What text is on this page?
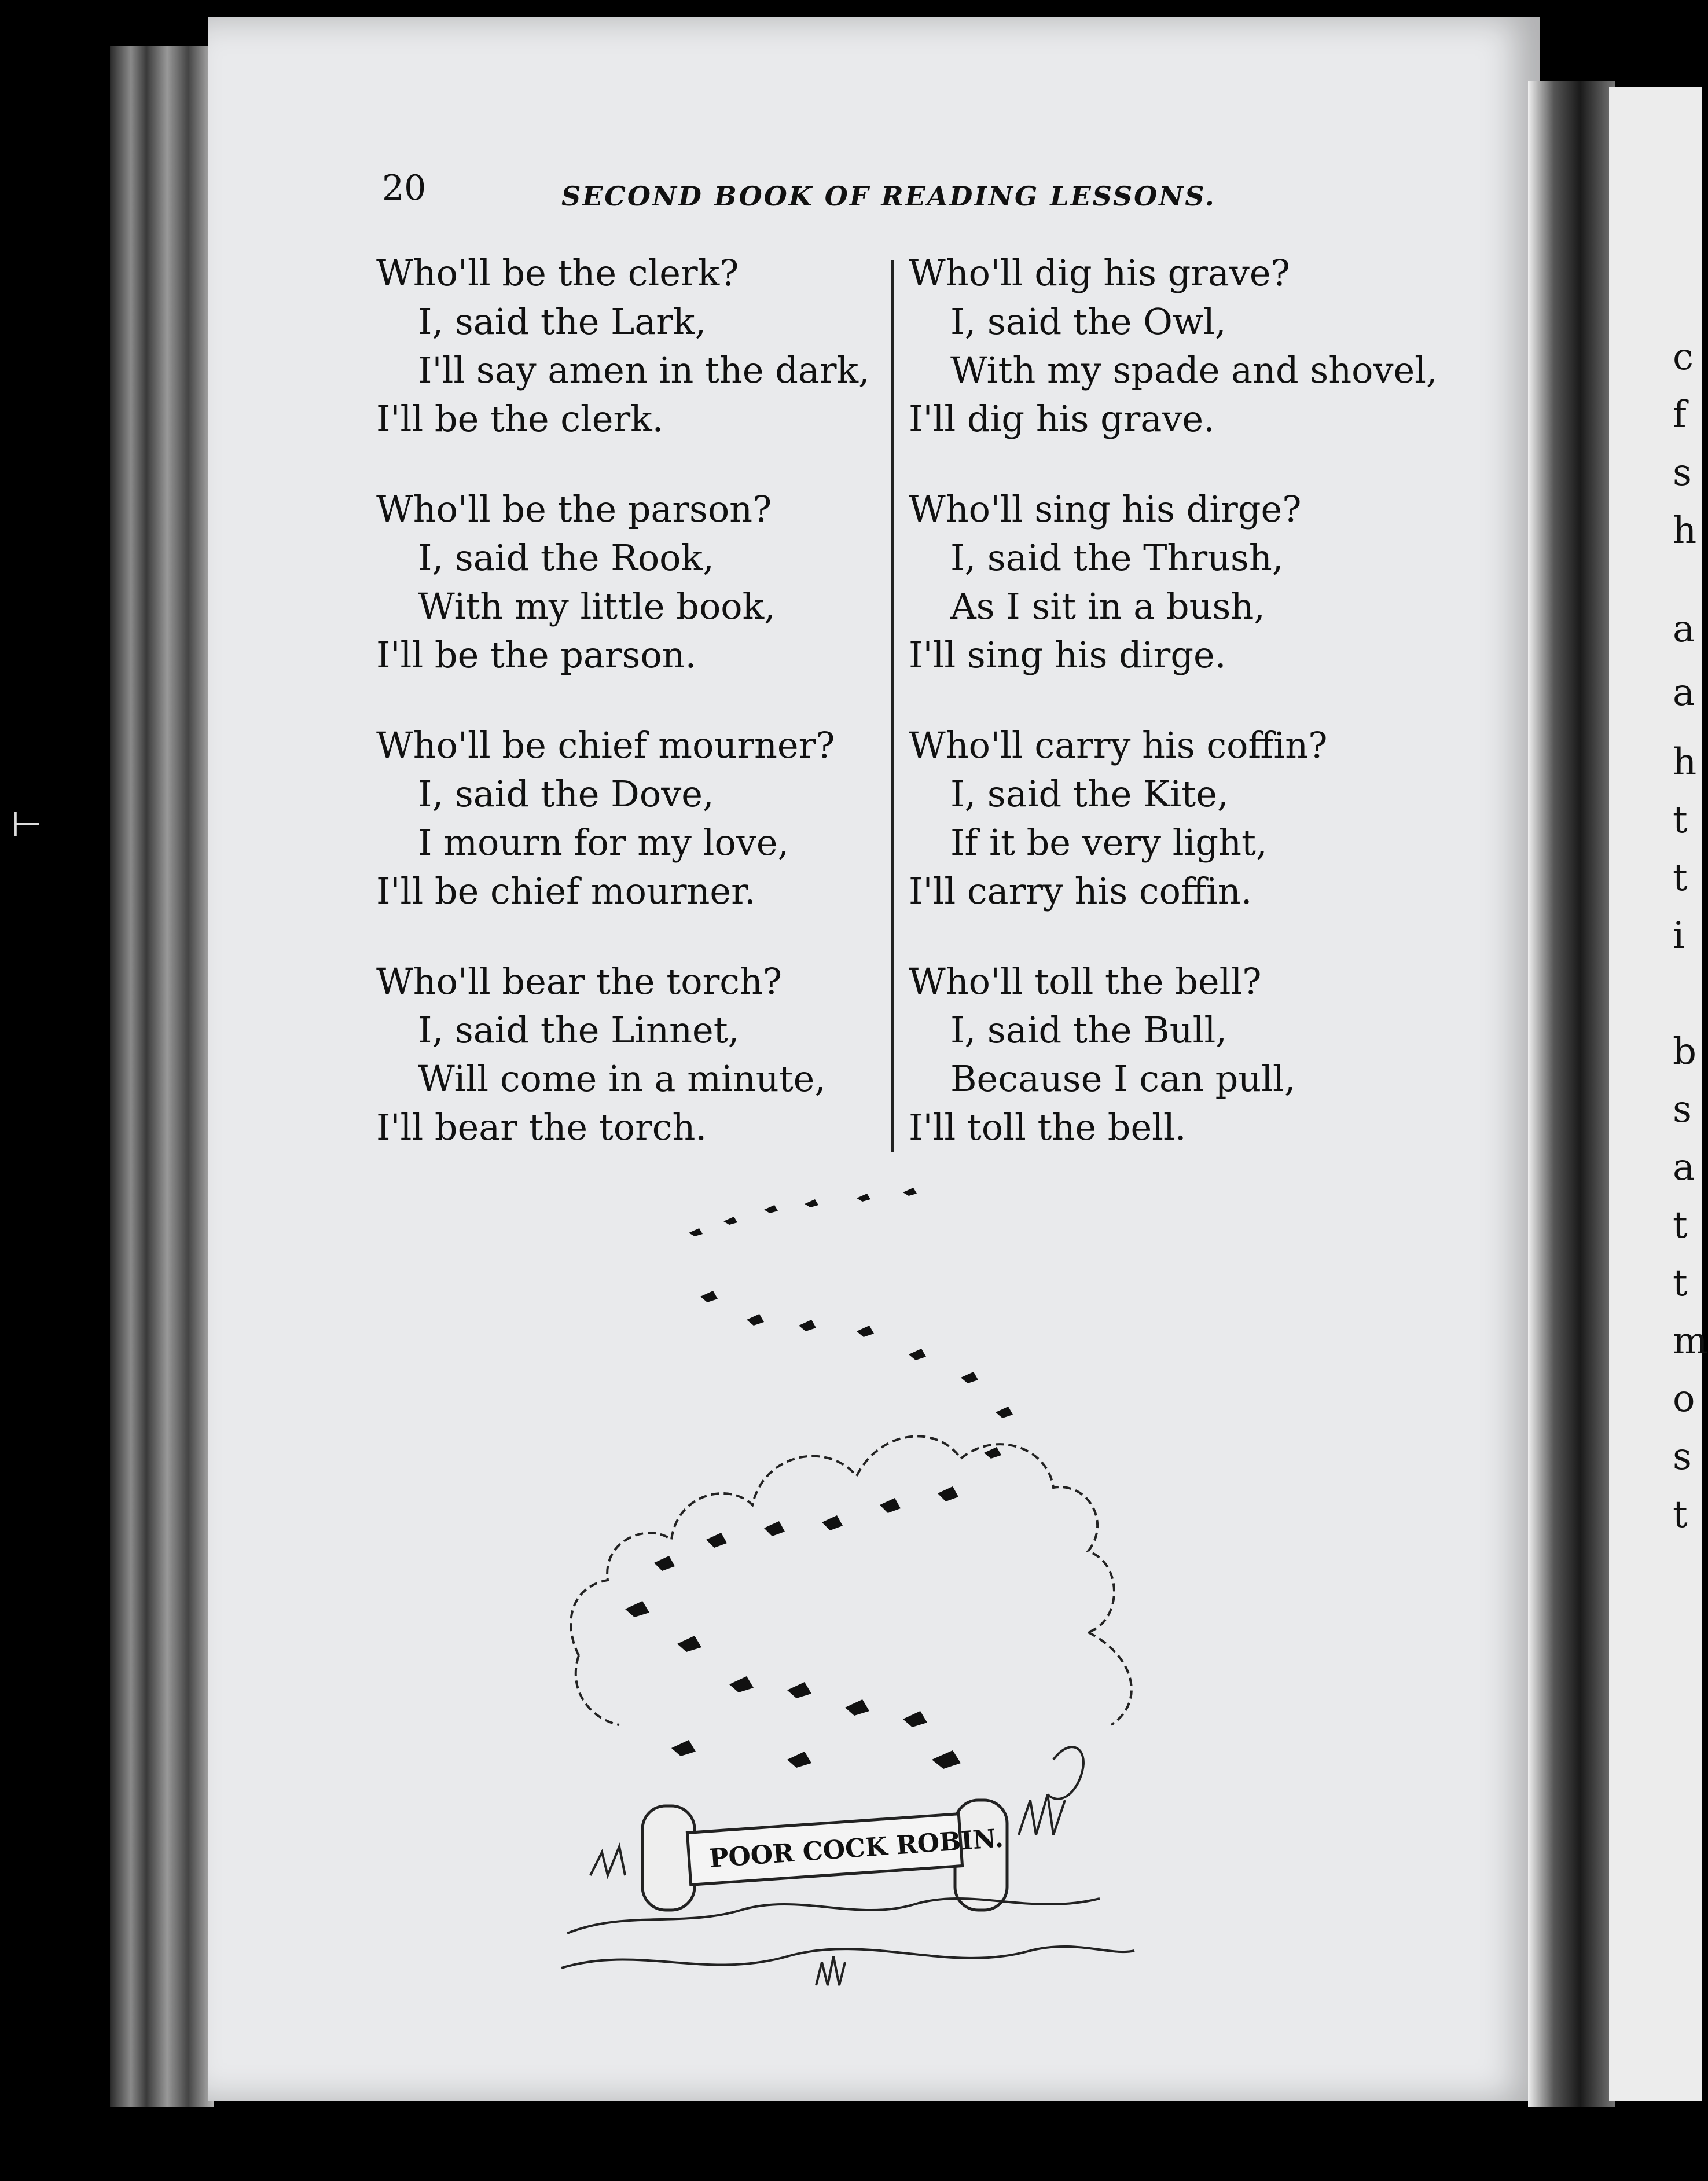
c
f
s
h
a
a
h
t
t
i
b
s
a
t
t
m
o
s
t
⊢
20	SECOND BOOK OF READING LESSONS.
Who'll be the clerk?
I, said the Lark,
I'll say amen in the dark,
I'll be the clerk.
Who'll be the parson?
I, said the Rook,
With my little book,
I'll be the parson.
Who'll be chief mourner?
I, said the Dove,
I mourn for my love,
I'll be chief mourner.
Who'll bear the torch?
I, said the Linnet,
Will come in a minute,
I'll bear the torch.
Who'll dig his grave?
I, said the Owl,
With my spade and shovel,
I'll dig his grave.
Who'll sing his dirge?
I, said the Thrush,
As I sit in a bush,
I'll sing his dirge.
Who'll carry his coffin?
I, said the Kite,
If it be very light,
I'll carry his coffin.
Who'll toll the bell?
I, said the Bull,
Because I can pull,
I'll toll the bell.
POOR COCK ROBIN.
